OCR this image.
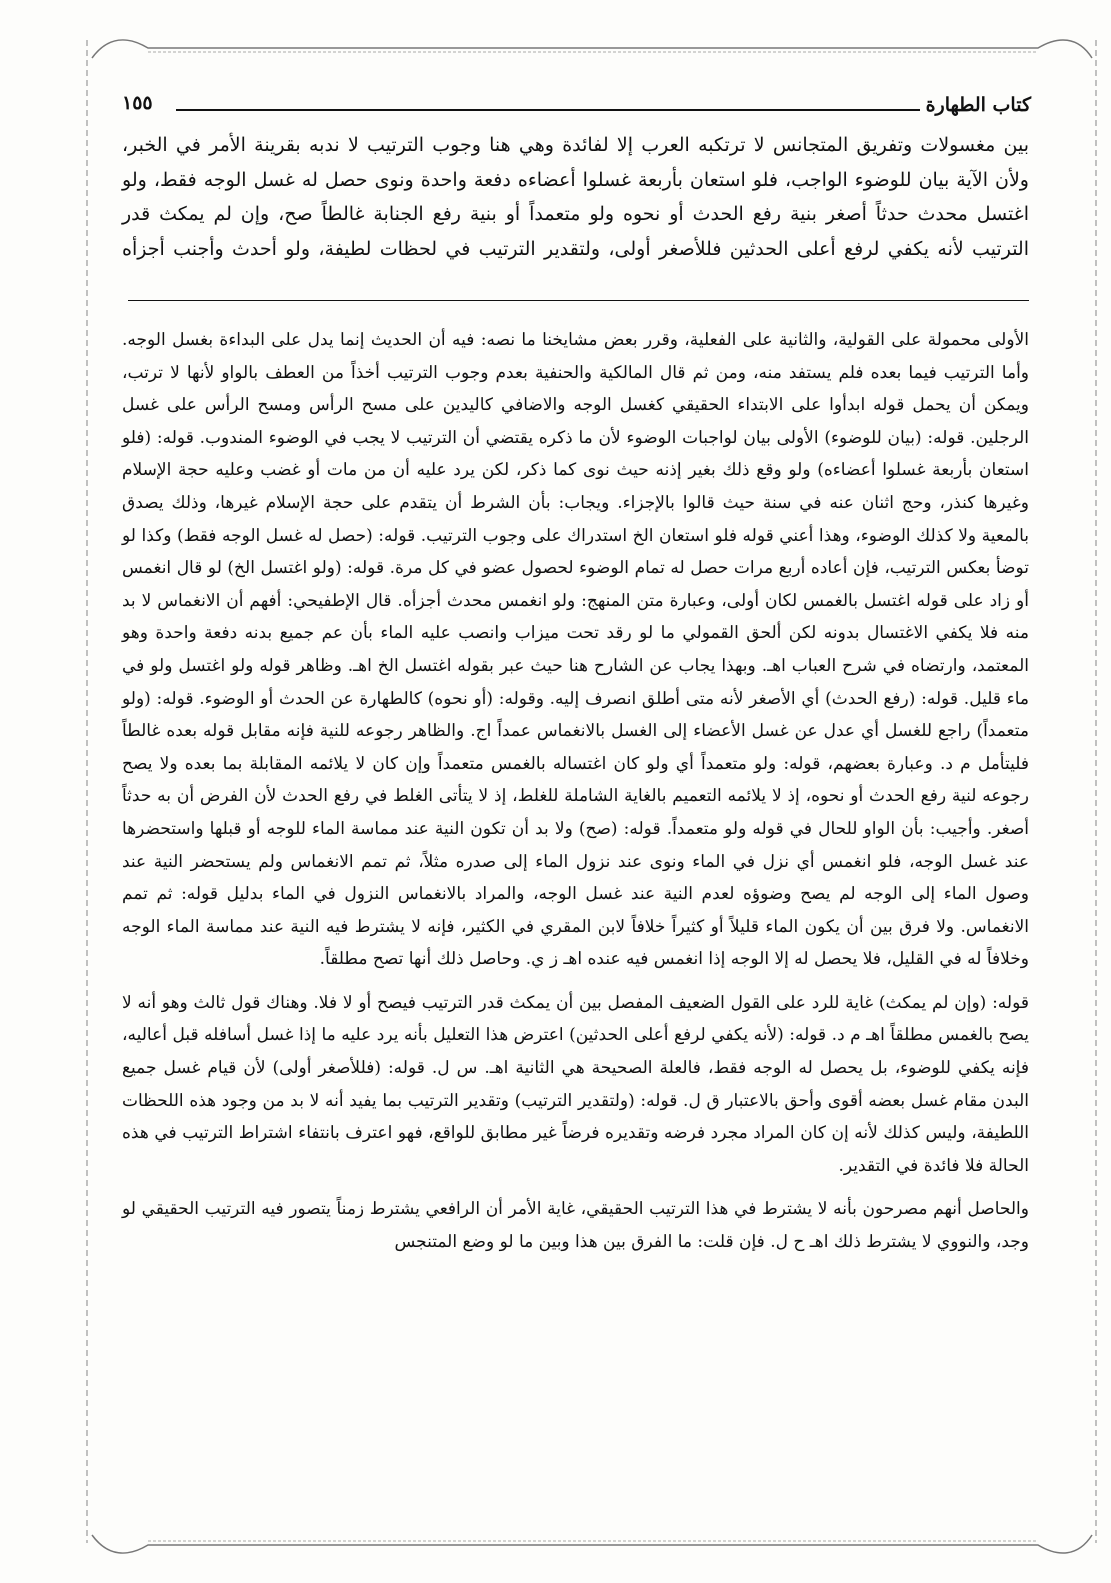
كتاب الطهارة
١٥٥

بين مغسولات وتفريق المتجانس لا ترتكبه العرب إلا لفائدة وهي هنا وجوب الترتيب لا ندبه بقرينة الأمر في الخبر،

ولأن الآية بيان للوضوء الواجب، فلو استعان بأربعة غسلوا أعضاءه دفعة واحدة ونوى حصل له غسل الوجه فقط، ولو

اغتسل محدث حدثاً أصغر بنية رفع الحدث أو نحوه ولو متعمداً أو بنية رفع الجنابة غالطاً صح، وإن لم يمكث قدر

الترتيب لأنه يكفي لرفع أعلى الحدثين فللأصغر أولى، ولتقدير الترتيب في لحظات لطيفة، ولو أحدث وأجنب أجزأه

الأولى محمولة على القولية، والثانية على الفعلية، وقرر بعض مشايخنا ما نصه: فيه أن الحديث إنما يدل على البداءة بغسل الوجه. وأما الترتيب فيما بعده فلم يستفد منه، ومن ثم قال المالكية والحنفية بعدم وجوب الترتيب أخذاً من العطف بالواو لأنها لا ترتب، ويمكن أن يحمل قوله ابدأوا على الابتداء الحقيقي كغسل الوجه والاضافي كاليدين على مسح الرأس ومسح الرأس على غسل الرجلين. قوله: (بيان للوضوء) الأولى بيان لواجبات الوضوء لأن ما ذكره يقتضي أن الترتيب لا يجب في الوضوء المندوب. قوله: (فلو استعان بأربعة غسلوا أعضاءه) ولو وقع ذلك بغير إذنه حيث نوى كما ذكر، لكن يرد عليه أن من مات أو غضب وعليه حجة الإسلام وغيرها كنذر، وحج اثنان عنه في سنة حيث قالوا بالإجزاء. ويجاب: بأن الشرط أن يتقدم على حجة الإسلام غيرها، وذلك يصدق بالمعية ولا كذلك الوضوء، وهذا أعني قوله فلو استعان الخ استدراك على وجوب الترتيب. قوله: (حصل له غسل الوجه فقط) وكذا لو توضأ بعكس الترتيب، فإن أعاده أربع مرات حصل له تمام الوضوء لحصول عضو في كل مرة. قوله: (ولو اغتسل الخ) لو قال انغمس أو زاد على قوله اغتسل بالغمس لكان أولى، وعبارة متن المنهج: ولو انغمس محدث أجزأه. قال الإطفيحي: أفهم أن الانغماس لا بد منه فلا يكفي الاغتسال بدونه لكن ألحق القمولي ما لو رقد تحت ميزاب وانصب عليه الماء بأن عم جميع بدنه دفعة واحدة وهو المعتمد، وارتضاه في شرح العباب اهـ. وبهذا يجاب عن الشارح هنا حيث عبر بقوله اغتسل الخ اهـ. وظاهر قوله ولو اغتسل ولو في ماء قليل. قوله: (رفع الحدث) أي الأصغر لأنه متى أطلق انصرف إليه. وقوله: (أو نحوه) كالطهارة عن الحدث أو الوضوء. قوله: (ولو متعمداً) راجع للغسل أي عدل عن غسل الأعضاء إلى الغسل بالانغماس عمداً اج. والظاهر رجوعه للنية فإنه مقابل قوله بعده غالطاً فليتأمل م د. وعبارة بعضهم، قوله: ولو متعمداً أي ولو كان اغتساله بالغمس متعمداً وإن كان لا يلائمه المقابلة بما بعده ولا يصح رجوعه لنية رفع الحدث أو نحوه، إذ لا يلائمه التعميم بالغاية الشاملة للغلط، إذ لا يتأتى الغلط في رفع الحدث لأن الفرض أن به حدثاً أصغر. وأجيب: بأن الواو للحال في قوله ولو متعمداً. قوله: (صح) ولا بد أن تكون النية عند مماسة الماء للوجه أو قبلها واستحضرها عند غسل الوجه، فلو انغمس أي نزل في الماء ونوى عند نزول الماء إلى صدره مثلاً، ثم تمم الانغماس ولم يستحضر النية عند وصول الماء إلى الوجه لم يصح وضوؤه لعدم النية عند غسل الوجه، والمراد بالانغماس النزول في الماء بدليل قوله: ثم تمم الانغماس. ولا فرق بين أن يكون الماء قليلاً أو كثيراً خلافاً لابن المقري في الكثير، فإنه لا يشترط فيه النية عند مماسة الماء الوجه وخلافاً له في القليل، فلا يحصل له إلا الوجه إذا انغمس فيه عنده اهـ ز ي. وحاصل ذلك أنها تصح مطلقاً.

قوله: (وإن لم يمكث) غاية للرد على القول الضعيف المفصل بين أن يمكث قدر الترتيب فيصح أو لا فلا. وهناك قول ثالث وهو أنه لا يصح بالغمس مطلقاً اهـ م د. قوله: (لأنه يكفي لرفع أعلى الحدثين) اعترض هذا التعليل بأنه يرد عليه ما إذا غسل أسافله قبل أعاليه، فإنه يكفي للوضوء، بل يحصل له الوجه فقط، فالعلة الصحيحة هي الثانية اهـ. س ل. قوله: (فللأصغر أولى) لأن قيام غسل جميع البدن مقام غسل بعضه أقوى وأحق بالاعتبار ق ل. قوله: (ولتقدير الترتيب) وتقدير الترتيب بما يفيد أنه لا بد من وجود هذه اللحظات اللطيفة، وليس كذلك لأنه إن كان المراد مجرد فرضه وتقديره فرضاً غير مطابق للواقع، فهو اعترف بانتفاء اشتراط الترتيب في هذه الحالة فلا فائدة في التقدير.

والحاصل أنهم مصرحون بأنه لا يشترط في هذا الترتيب الحقيقي، غاية الأمر أن الرافعي يشترط زمناً يتصور فيه الترتيب الحقيقي لو وجد، والنووي لا يشترط ذلك اهـ ح ل. فإن قلت: ما الفرق بين هذا وبين ما لو وضع المتنجس
